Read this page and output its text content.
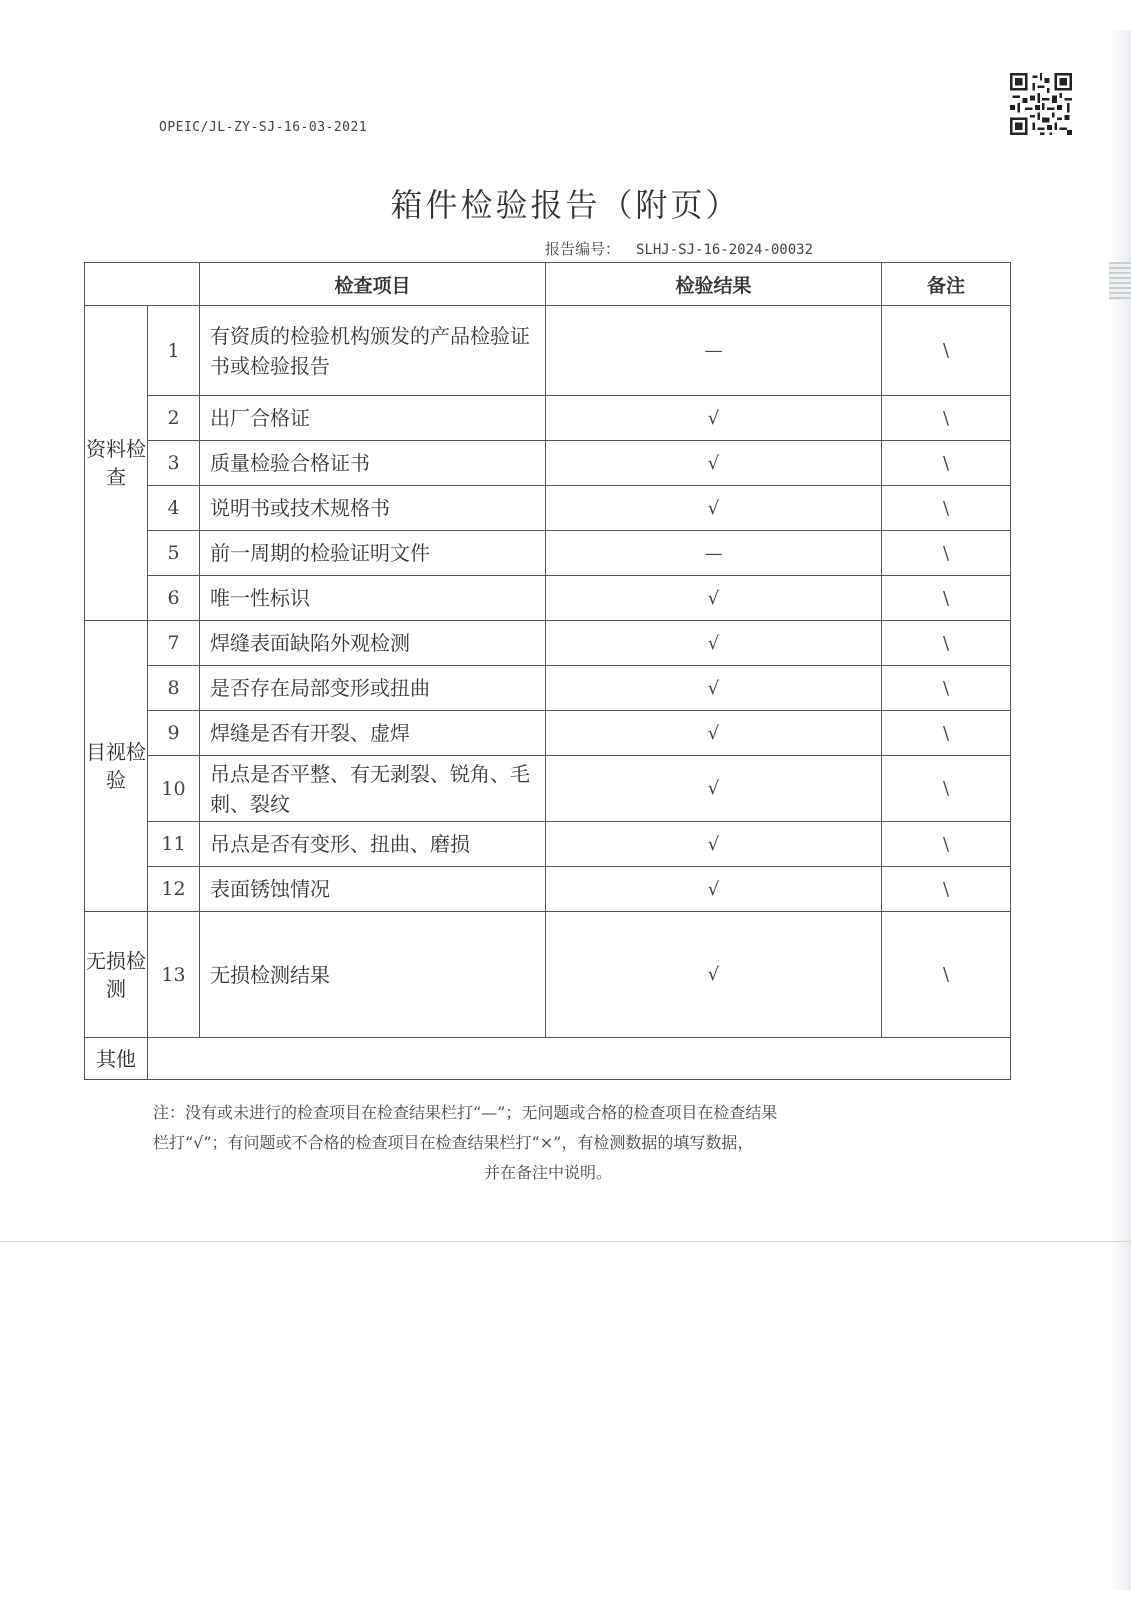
OPEIC/JL-ZY-SJ-16-03-2021
箱件检验报告（附页）
报告编号： SLHJ-SJ-16-2024-00032
		检查项目	检验结果	备注
资料检查	1	有资质的检验机构颁发的产品检验证书或检验报告	—	\
	2	出厂合格证	√	\
	3	质量检验合格证书	√	\
	4	说明书或技术规格书	√	\
	5	前一周期的检验证明文件	—	\
	6	唯一性标识	√	\
目视检验	7	焊缝表面缺陷外观检测	√	\
	8	是否存在局部变形或扭曲	√	\
	9	焊缝是否有开裂、虚焊	√	\
	10	吊点是否平整、有无剥裂、锐角、毛刺、裂纹	√	\
	11	吊点是否有变形、扭曲、磨损	√	\
	12	表面锈蚀情况	√	\
无损检测	13	无损检测结果	√	\
其他				
注：没有或未进行的检查项目在检查结果栏打“—”；无问题或合格的检查项目在检查结果
栏打“√”；有问题或不合格的检查项目在检查结果栏打“×”，有检测数据的填写数据，
并在备注中说明。
